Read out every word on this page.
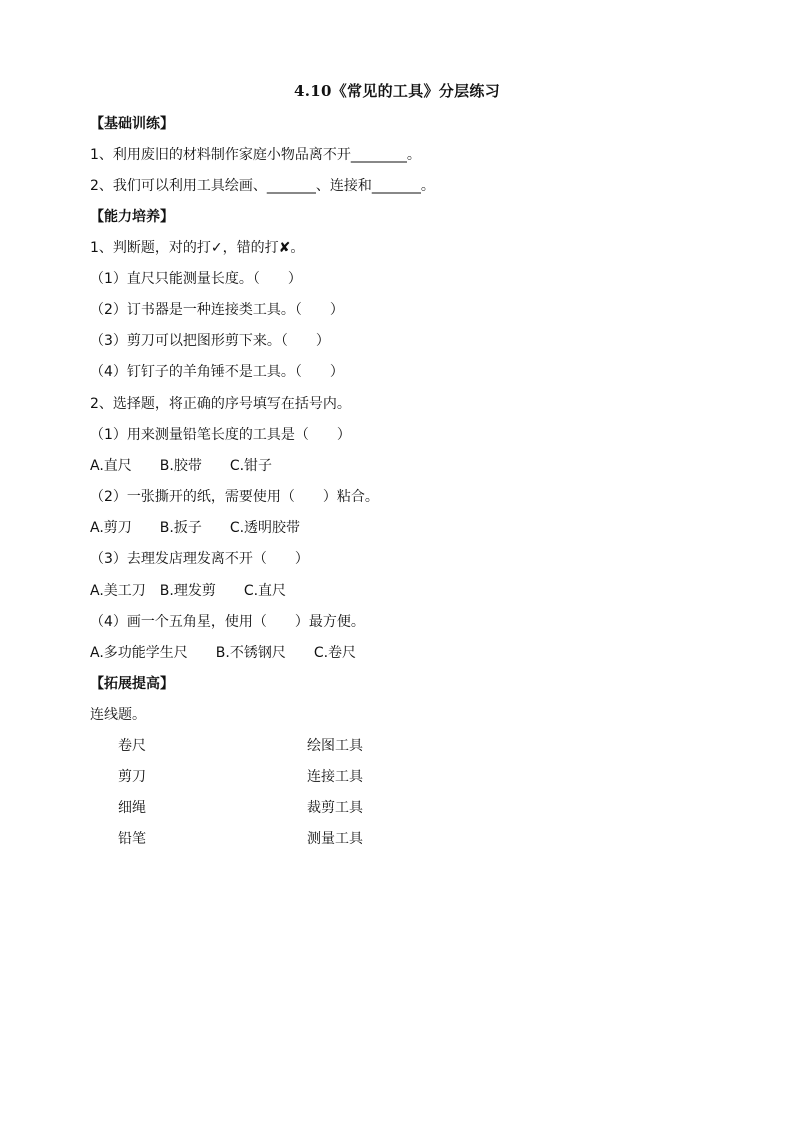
4.10《常见的工具》分层练习
【基础训练】
1、利用废旧的材料制作家庭小物品离不开________。
2、我们可以利用工具绘画、_______、连接和_______。
【能力培养】
1、判断题，对的打✓，错的打✘。
（1）直尺只能测量长度。（　　）
（2）订书器是一种连接类工具。（　　）
（3）剪刀可以把图形剪下来。（　　）
（4）钉钉子的羊角锤不是工具。（　　）
2、选择题，将正确的序号填写在括号内。
（1）用来测量铅笔长度的工具是（　　）
A.直尺　　B.胶带　　C.钳子
（2）一张撕开的纸，需要使用（　　）粘合。
A.剪刀　　B.扳子　　C.透明胶带
（3）去理发店理发离不开（　　）
A.美工刀　B.理发剪　　C.直尺
（4）画一个五角星，使用（　　）最方便。
A.多功能学生尺　　B.不锈钢尺　　C.卷尺
【拓展提高】
连线题。
卷尺
剪刀
细绳
铅笔
绘图工具
连接工具
裁剪工具
测量工具
